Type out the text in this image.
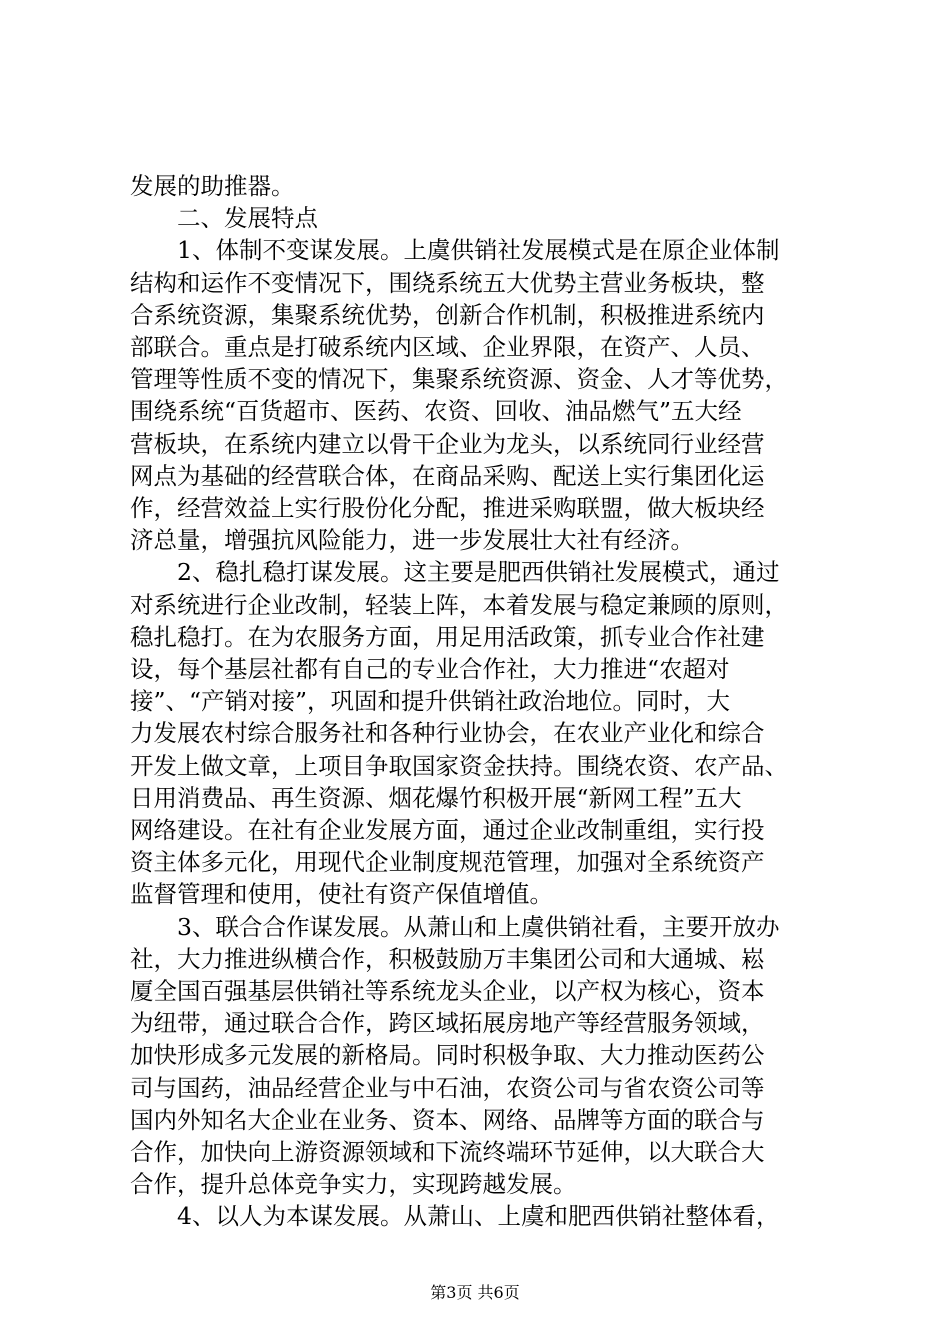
发展的助推器。
　　二、发展特点
　　1、体制不变谋发展。上虞供销社发展模式是在原企业体制
结构和运作不变情况下，围绕系统五大优势主营业务板块，整
合系统资源，集聚系统优势，创新合作机制，积极推进系统内
部联合。重点是打破系统内区域、企业界限，在资产、人员、
管理等性质不变的情况下，集聚系统资源、资金、人才等优势，
围绕系统“百货超市、医药、农资、回收、油品燃气”五大经
营板块，在系统内建立以骨干企业为龙头，以系统同行业经营
网点为基础的经营联合体，在商品采购、配送上实行集团化运
作，经营效益上实行股份化分配，推进采购联盟，做大板块经
济总量，增强抗风险能力，进一步发展壮大社有经济。
　　2、稳扎稳打谋发展。这主要是肥西供销社发展模式，通过
对系统进行企业改制，轻装上阵，本着发展与稳定兼顾的原则，
稳扎稳打。在为农服务方面，用足用活政策，抓专业合作社建
设，每个基层社都有自己的专业合作社，大力推进“农超对
接”、“产销对接”，巩固和提升供销社政治地位。同时，大
力发展农村综合服务社和各种行业协会，在农业产业化和综合
开发上做文章，上项目争取国家资金扶持。围绕农资、农产品、
日用消费品、再生资源、烟花爆竹积极开展“新网工程”五大
网络建设。在社有企业发展方面，通过企业改制重组，实行投
资主体多元化，用现代企业制度规范管理，加强对全系统资产
监督管理和使用，使社有资产保值增值。
　　3、联合合作谋发展。从萧山和上虞供销社看，主要开放办
社，大力推进纵横合作，积极鼓励万丰集团公司和大通城、崧
厦全国百强基层供销社等系统龙头企业，以产权为核心，资本
为纽带，通过联合合作，跨区域拓展房地产等经营服务领域，
加快形成多元发展的新格局。同时积极争取、大力推动医药公
司与国药，油品经营企业与中石油，农资公司与省农资公司等
国内外知名大企业在业务、资本、网络、品牌等方面的联合与
合作，加快向上游资源领域和下流终端环节延伸，以大联合大
合作，提升总体竞争实力，实现跨越发展。
　　4、以人为本谋发展。从萧山、上虞和肥西供销社整体看，
第3页 共6页
